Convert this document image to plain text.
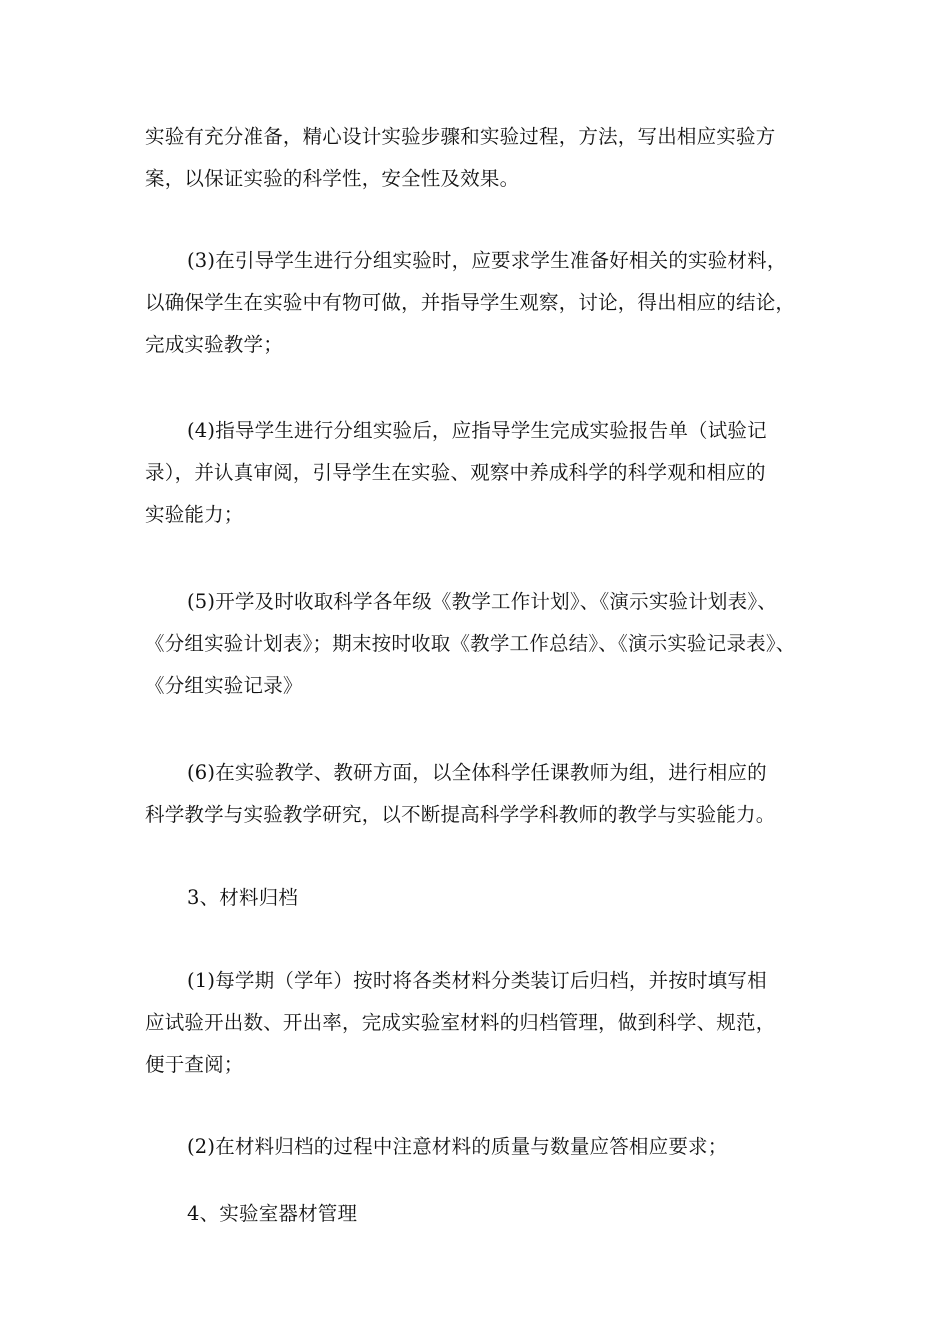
实验有充分准备，精心设计实验步骤和实验过程，方法，写出相应实验方
案，以保证实验的科学性，安全性及效果。

(3)在引导学生进行分组实验时，应要求学生准备好相关的实验材料，
以确保学生在实验中有物可做，并指导学生观察，讨论，得出相应的结论，
完成实验教学；

(4)指导学生进行分组实验后，应指导学生完成实验报告单（试验记
录），并认真审阅，引导学生在实验、观察中养成科学的科学观和相应的
实验能力；

(5)开学及时收取科学各年级《教学工作计划》、《演示实验计划表》、
《分组实验计划表》；期末按时收取《教学工作总结》、《演示实验记录表》、
《分组实验记录》

(6)在实验教学、教研方面，以全体科学任课教师为组，进行相应的
科学教学与实验教学研究，以不断提高科学学科教师的教学与实验能力。

3、材料归档

(1)每学期（学年）按时将各类材料分类装订后归档，并按时填写相
应试验开出数、开出率，完成实验室材料的归档管理，做到科学、规范，
便于查阅；

(2)在材料归档的过程中注意材料的质量与数量应答相应要求；

4、实验室器材管理
